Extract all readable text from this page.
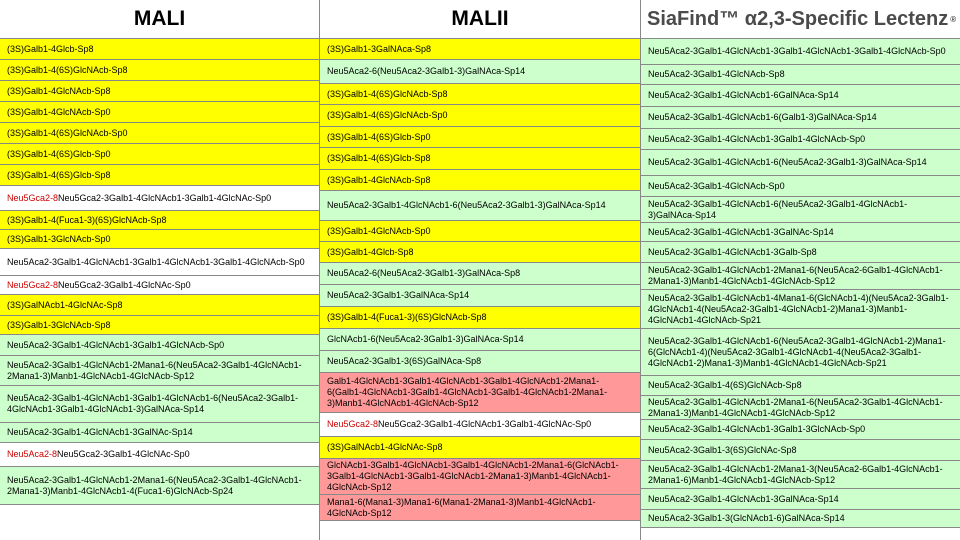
MALI
(3S)Galb1-4Glcb-Sp8
(3S)Galb1-4(6S)GlcNAcb-Sp8
(3S)Galb1-4GlcNAcb-Sp8
(3S)Galb1-4GlcNAcb-Sp0
(3S)Galb1-4(6S)GlcNAcb-Sp0
(3S)Galb1-4(6S)Glcb-Sp0
(3S)Galb1-4(6S)Glcb-Sp8
Neu5Gca2-8Neu5Gca2-3Galb1-4GlcNAcb1-3Galb1-4GlcNAc-Sp0
(3S)Galb1-4(Fuca1-3)(6S)GlcNAcb-Sp8
(3S)Galb1-3GlcNAcb-Sp0
Neu5Aca2-3Galb1-4GlcNAcb1-3Galb1-4GlcNAcb1-3Galb1-4GlcNAcb-Sp0
Neu5Gca2-8Neu5Gca2-3Galb1-4GlcNAc-Sp0
(3S)GalNAcb1-4GlcNAc-Sp8
(3S)Galb1-3GlcNAcb-Sp8
Neu5Aca2-3Galb1-4GlcNAcb1-3Galb1-4GlcNAcb-Sp0
Neu5Aca2-3Galb1-4GlcNAcb1-2Mana1-6(Neu5Aca2-3Galb1-4GlcNAcb1-2Mana1-3)Manb1-4GlcNAcb1-4GlcNAcb-Sp12
Neu5Aca2-3Galb1-4GlcNAcb1-3Galb1-4GlcNAcb1-6(Neu5Aca2-3Galb1-4GlcNAcb1-3Galb1-4GlcNAcb1-3)GalNAca-Sp14
Neu5Aca2-3Galb1-4GlcNAcb1-3GalNAc-Sp14
Neu5Aca2-8Neu5Gca2-3Galb1-4GlcNAc-Sp0
Neu5Aca2-3Galb1-4GlcNAcb1-2Mana1-6(Neu5Aca2-3Galb1-4GlcNAcb1-2Mana1-3)Manb1-4GlcNAcb1-4(Fuca1-6)GlcNAcb-Sp24
MALII
(3S)Galb1-3GalNAca-Sp8
Neu5Aca2-6(Neu5Aca2-3Galb1-3)GalNAca-Sp14
(3S)Galb1-4(6S)GlcNAcb-Sp8
(3S)Galb1-4(6S)GlcNAcb-Sp0
(3S)Galb1-4(6S)Glcb-Sp0
(3S)Galb1-4(6S)Glcb-Sp8
(3S)Galb1-4GlcNAcb-Sp8
Neu5Aca2-3Galb1-4GlcNAcb1-6(Neu5Aca2-3Galb1-3)GalNAca-Sp14
(3S)Galb1-4GlcNAcb-Sp0
(3S)Galb1-4Glcb-Sp8
Neu5Aca2-6(Neu5Aca2-3Galb1-3)GalNAca-Sp8
Neu5Aca2-3Galb1-3GalNAca-Sp14
(3S)Galb1-4(Fuca1-3)(6S)GlcNAcb-Sp8
GlcNAcb1-6(Neu5Aca2-3Galb1-3)GalNAca-Sp14
Neu5Aca2-3Galb1-3(6S)GalNAca-Sp8
Galb1-4GlcNAcb1-3Galb1-4GlcNAcb1-3Galb1-4GlcNAcb1-2Mana1-6(Galb1-4GlcNAcb1-3Galb1-4GlcNAcb1-3Galb1-4GlcNAcb1-2Mana1-3)Manb1-4GlcNAcb1-4GlcNAcb-Sp12
Neu5Gca2-8Neu5Gca2-3Galb1-4GlcNAcb1-3Galb1-4GlcNAc-Sp0
(3S)GalNAcb1-4GlcNAc-Sp8
GlcNAcb1-3Galb1-4GlcNAcb1-3Galb1-4GlcNAcb1-2Mana1-6(GlcNAcb1-3Galb1-4GlcNAcb1-3Galb1-4GlcNAcb1-2Mana1-3)Manb1-4GlcNAcb1-4GlcNAcb-Sp12
Mana1-6(Mana1-3)Mana1-6(Mana1-2Mana1-3)Manb1-4GlcNAcb1-4GlcNAcb-Sp12
SiaFind™ α2,3-Specific Lectenz ®
Neu5Aca2-3Galb1-4GlcNAcb1-3Galb1-4GlcNAcb1-3Galb1-4GlcNAcb-Sp0
Neu5Aca2-3Galb1-4GlcNAcb-Sp8
Neu5Aca2-3Galb1-4GlcNAcb1-6GalNAca-Sp14
Neu5Aca2-3Galb1-4GlcNAcb1-6(Galb1-3)GalNAca-Sp14
Neu5Aca2-3Galb1-4GlcNAcb1-3Galb1-4GlcNAcb-Sp0
Neu5Aca2-3Galb1-4GlcNAcb1-6(Neu5Aca2-3Galb1-3)GalNAca-Sp14
Neu5Aca2-3Galb1-4GlcNAcb-Sp0
Neu5Aca2-3Galb1-4GlcNAcb1-6(Neu5Aca2-3Galb1-4GlcNAcb1-3)GalNAca-Sp14
Neu5Aca2-3Galb1-4GlcNAcb1-3GalNAc-Sp14
Neu5Aca2-3Galb1-4GlcNAcb1-3Galb-Sp8
Neu5Aca2-3Galb1-4GlcNAcb1-2Mana1-6(Neu5Aca2-6Galb1-4GlcNAcb1-2Mana1-3)Manb1-4GlcNAcb1-4GlcNAcb-Sp12
Neu5Aca2-3Galb1-4GlcNAcb1-4Mana1-6(GlcNAcb1-4)(Neu5Aca2-3Galb1-4GlcNAcb1-4(Neu5Aca2-3Galb1-4GlcNAcb1-2)Mana1-3)Manb1-4GlcNAcb1-4GlcNAcb-Sp21
Neu5Aca2-3Galb1-4GlcNAcb1-6(Neu5Aca2-3Galb1-4GlcNAcb1-2)Mana1-6(GlcNAcb1-4)(Neu5Aca2-3Galb1-4GlcNAcb1-4(Neu5Aca2-3Galb1-4GlcNAcb1-2)Mana1-3)Manb1-4GlcNAcb1-4GlcNAcb-Sp21
Neu5Aca2-3Galb1-4(6S)GlcNAcb-Sp8
Neu5Aca2-3Galb1-4GlcNAcb1-2Mana1-6(Neu5Aca2-3Galb1-4GlcNAcb1-2Mana1-3)Manb1-4GlcNAcb1-4GlcNAcb-Sp12
Neu5Aca2-3Galb1-4GlcNAcb1-3Galb1-3GlcNAcb-Sp0
Neu5Aca2-3Galb1-3(6S)GlcNAc-Sp8
Neu5Aca2-3Galb1-4GlcNAcb1-2Mana1-3(Neu5Aca2-6Galb1-4GlcNAcb1-2Mana1-6)Manb1-4GlcNAcb1-4GlcNAcb-Sp12
Neu5Aca2-3Galb1-4GlcNAcb1-3GalNAca-Sp14
Neu5Aca2-3Galb1-3(GlcNAcb1-6)GalNAca-Sp14
